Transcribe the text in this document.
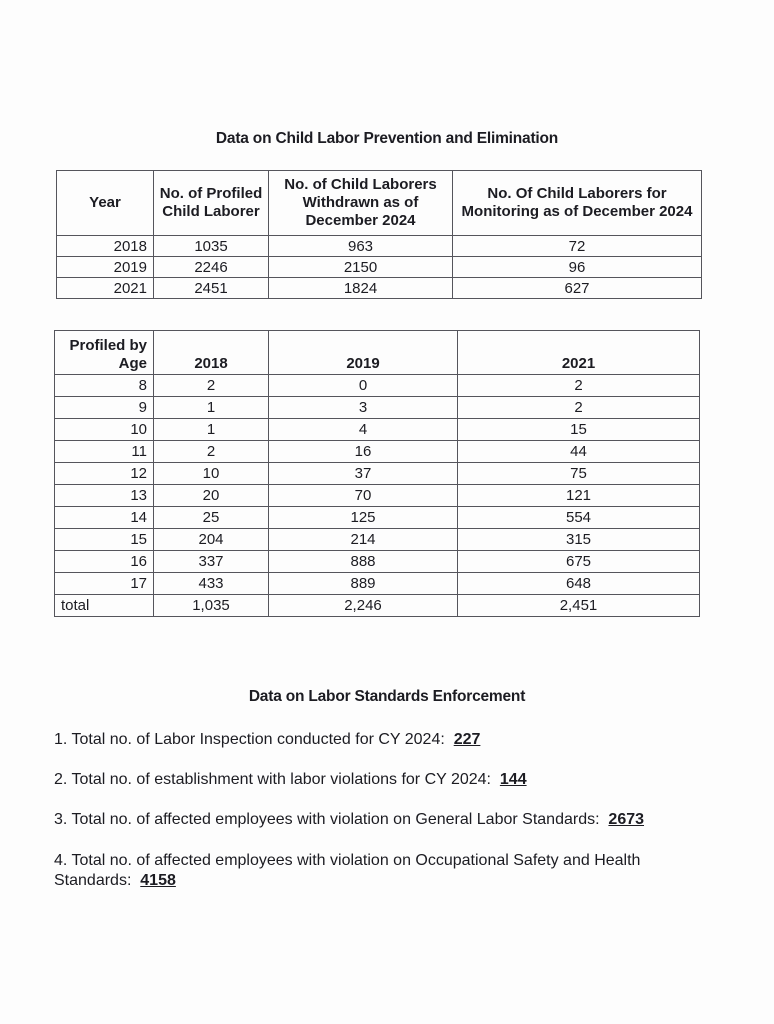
Data on Child Labor Prevention and Elimination
Year	No. of Profiled Child Laborer	No. of Child Laborers Withdrawn as of December 2024	No. Of Child Laborers for Monitoring as of December 2024
2018	1035	963	72
2019	2246	2150	96
2021	2451	1824	627
Profiled by Age	2018	2019	2021
8	2	0	2
9	1	3	2
10	1	4	15
11	2	16	44
12	10	37	75
13	20	70	121
14	25	125	554
15	204	214	315
16	337	888	675
17	433	889	648
total	1,035	2,246	2,451
Data on Labor Standards Enforcement
1. Total no. of Labor Inspection conducted for CY 2024: 227
2. Total no. of establishment with labor violations for CY 2024: 144
3. Total no. of affected employees with violation on General Labor Standards: 2673
4. Total no. of affected employees with violation on Occupational Safety and Health Standards: 4158
